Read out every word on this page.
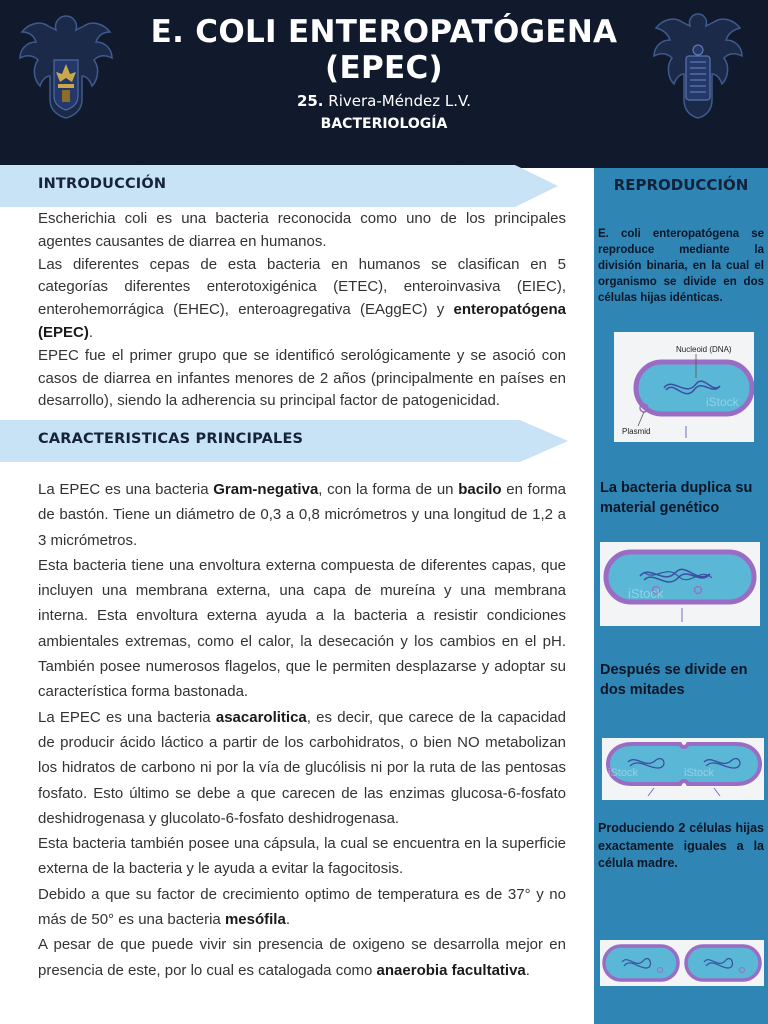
E. COLI ENTEROPATÓGENA
(EPEC)
25. Rivera-Méndez L.V.
BACTERIOLOGÍA
INTRODUCCIÓN

Escherichia coli es una bacteria reconocida como uno de los principales agentes causantes de diarrea en humanos.

Las diferentes cepas de esta bacteria en humanos se clasifican en 5 categorías diferentes enterotoxigénica (ETEC), enteroinvasiva (EIEC), enterohemorrágica (EHEC), enteroagregativa (EAggEC) y enteropatógena (EPEC).

EPEC fue el primer grupo que se identificó serológicamente y se asoció con casos de diarrea en infantes menores de 2 años (principalmente en países en desarrollo), siendo la adherencia su principal factor de patogenicidad.

CARACTERISTICAS PRINCIPALES

La EPEC es una bacteria Gram-negativa, con la forma de un bacilo en forma de bastón. Tiene un diámetro de 0,3 a 0,8 micrómetros y una longitud de 1,2 a 3 micrómetros.

Esta bacteria tiene una envoltura externa compuesta de diferentes capas, que incluyen una membrana externa, una capa de mureína y una membrana interna. Esta envoltura externa ayuda a la bacteria a resistir condiciones ambientales extremas, como el calor, la desecación y los cambios en el pH. También posee numerosos flagelos, que le permiten desplazarse y adoptar su característica forma bastonada.

La EPEC es una bacteria asacarolitica, es decir, que carece de la capacidad de producir ácido láctico a partir de los carbohidratos, o bien NO metabolizan los hidratos de carbono ni por la vía de glucólisis ni por la ruta de las pentosas fosfato. Esto último se debe a que carecen de las enzimas glucosa-6-fosfato deshidrogenasa y glucolato-6-fosfato deshidrogenasa.

Esta bacteria también posee una cápsula, la cual se encuentra en la superficie externa de la bacteria y le ayuda a evitar la fagocitosis.

Debido a que su factor de crecimiento optimo de temperatura es de 37° y no más de 50° es una bacteria mesófila.

A pesar de que puede vivir sin presencia de oxigeno se desarrolla mejor en presencia de este, por lo cual es catalogada como anaerobia facultativa.

REPRODUCCIÓN
E. coli enteropatógena se reproduce mediante la división binaria, en la cual el organismo se divide en dos células hijas idénticas.
Nucleoid (DNA)
Plasmid
iStock
La bacteria duplica su material genético
iStock
Después se divide en dos mitades
iStock	iStock
Produciendo 2 células hijas exactamente iguales a la célula madre.
